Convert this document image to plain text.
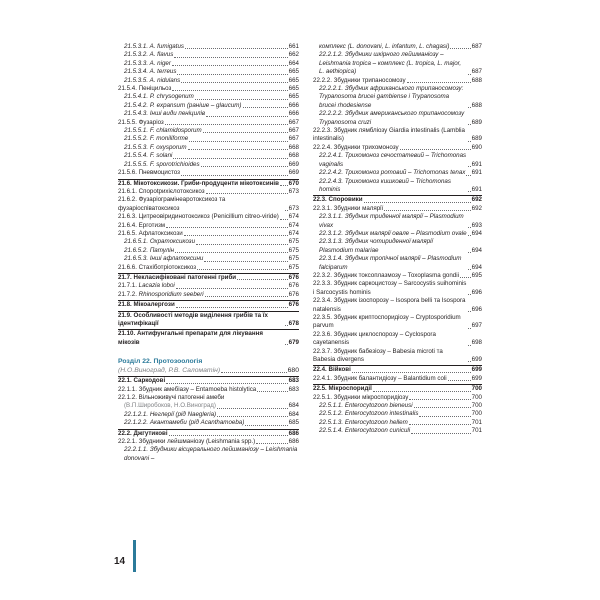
21.5.3.1. A. fumigatus	661
21.5.3.2. A. flavus	662
21.5.3.3. A. niger	664
21.5.3.4. A. terreus	665
21.5.3.5. A. nidulans	665
21.5.4. Пеніцильоз	665
21.5.4.1. P. chrysogenum	665
21.5.4.2. P. expansum (раніше – glaucum)	666
21.5.4.3. Інші види пеніцилів	666
21.5.5. Фузаріоз	667
21.5.5.1. F. chlamidosporum	667
21.5.5.2. F. moniliforme	667
21.5.5.3. F. oxysporum	668
21.5.5.4. F. solani	668
21.5.5.5. F. sporotrichioides	669
21.5.6. Пневмоцистоз	669
21.6. Мікотоксикози. Гриби-продуценти мікотоксинів 670
21.6.1. Спорotрихієлотоксикоз	673
21.6.2. Фузаріограмінеаротоксикоз та фузаріоспіватоксикоз	673
21.6.3. Цитреовіридинотоксикоз (Penicillium citreo-viride) 674
21.6.4. Ерготизм	674
21.6.5. Афлатоксикози	674
21.6.5.1. Охратоксикози	675
21.6.5.2. Патулін	675
21.6.5.3. Інші афлатоксини	675
21.6.6. Стахіботріотоксикоз	675
21.7. Некласифіковані патогенні гриби	676
21.7.1. Lacazia loboi	676
21.7.2. Rhinosporidium seeberi	676
21.8. Мікоалергози	676
21.9. Особливості методів виділення грибів та їх ідентифікації	678
21.10. Антифунгальні препарати для лікування мікозів	679
Розділ 22. Протозоологія
(Н.О.Виноград, Р.В. Саломатін)	680
22.1. Саркодові	683
22.1.1. Збудник амебіазу – Entamoeba histolytica	683
22.1.2. Вільноживучі патогенні амеби
(В.П.Широбоков, Н.О.Виноград)	684
22.1.2.1. Неглерії (рід Naegleria)	684
22.1.2.2. Акантамеби (рід Acanthamoeba)	685
22.2. Джгутикові	686
22.2.1. Збудники лейшманіозу (Leishmania spp.)	686
22.2.1.1. Збудники вісцерального лейшманіозу – Leishmania donovani –
комплекс (L. donovani, L. infantum, L. chagasi)	687
22.2.1.2. Збудники шкірного лейшманіозу – Leishmania tropica – комплекс (L. tropica, L. major, L. aethiopica)	687
22.2.2. Збудники трипаносомозу	688
22.2.2.1. Збудник африканського трипаносомозу: Trypanosoma brucei gambiense і Trypanosoma brucei rhodesiense	688
22.2.2.2. Збудник американського трипаносомозу Trypanosoma cruzi	689
22.2.3. Збудник лямбліозу Giardia intestinalis (Lamblia intestinalis)	689
22.2.4. Збудники трихомонозу	690
22.2.4.1. Трихомоноз сечостатевий – Trichomonas vaginalis	691
22.2.4.2. Трихомоноз ротовий – Trichomonas tenax 691
22.2.4.3. Трихомоноз кишковий – Trichomonas hominis	691
22.3. Споровики	692
22.3.1. Збудники малярії	692
22.3.1.1. Збудник триденної малярії – Plasmodium vivax	693
22.3.1.2. Збудник малярії овале – Plasmodium ovale 694
22.3.1.3. Збудник чотириденної малярії Plasmodium malariae	694
22.3.1.4. Збудник тропічної малярії – Plasmodium falciparum	694
22.3.2. Збудник токсоплазмозу – Toxoplasma gondii 695
22.3.3. Збудник саркоцистозу – Sarcocystis suihominis і Sarcocystis hominis	696
22.3.4. Збудник ізоспорозу – Isospora belli та Isospora natalensis	696
22.3.5. Збудник криптоспоридіозу – Cryptosporidium parvum	697
22.3.6. Збудник циклоспорозу – Cyclospora cayetanensis	698
22.3.7. Збудник бабезіозу – Babesia microti та Babesia divergens	699
22.4. Війкові	699
22.4.1. Збудник балантидіозу – Balantidium coli	699
22.5. Мікроспоридії	700
22.5.1. Збудники мікроспоридіозу	700
22.5.1.1. Enterocytozoon bieneusi	700
22.5.1.2. Enterocytozoon intestinalis	700
22.5.1.3. Enterocytozoon hellem	701
22.5.1.4. Enterocytozoon cuniculi	701
14
